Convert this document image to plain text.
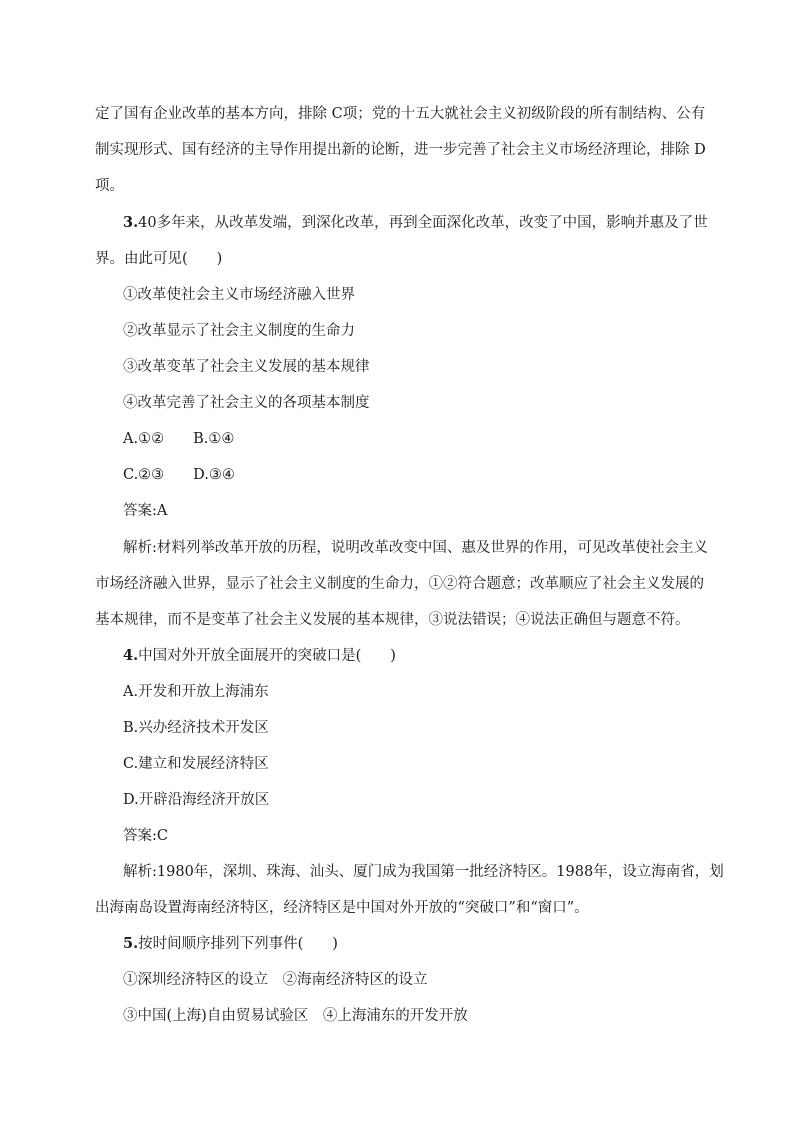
定了国有企业改革的基本方向，排除 C项；党的十五大就社会主义初级阶段的所有制结构、公有
制实现形式、国有经济的主导作用提出新的论断，进一步完善了社会主义市场经济理论，排除 D
项。
3.40多年来，从改革发端，到深化改革，再到全面深化改革，改变了中国，影响并惠及了世
界。由此可见(　　)
①改革使社会主义市场经济融入世界
②改革显示了社会主义制度的生命力
③改革变革了社会主义发展的基本规律
④改革完善了社会主义的各项基本制度
A.①②　　B.①④
C.②③　　D.③④
答案:A
解析:材料列举改革开放的历程，说明改革改变中国、惠及世界的作用，可见改革使社会主义
市场经济融入世界，显示了社会主义制度的生命力，①②符合题意；改革顺应了社会主义发展的
基本规律，而不是变革了社会主义发展的基本规律，③说法错误；④说法正确但与题意不符。
4.中国对外开放全面展开的突破口是(　　)
A.开发和开放上海浦东
B.兴办经济技术开发区
C.建立和发展经济特区
D.开辟沿海经济开放区
答案:C
解析:1980年，深圳、珠海、汕头、厦门成为我国第一批经济特区。1988年，设立海南省，划
出海南岛设置海南经济特区，经济特区是中国对外开放的“突破口”和“窗口”。
5.按时间顺序排列下列事件(　　)
①深圳经济特区的设立　②海南经济特区的设立
③中国(上海)自由贸易试验区　④上海浦东的开发开放
